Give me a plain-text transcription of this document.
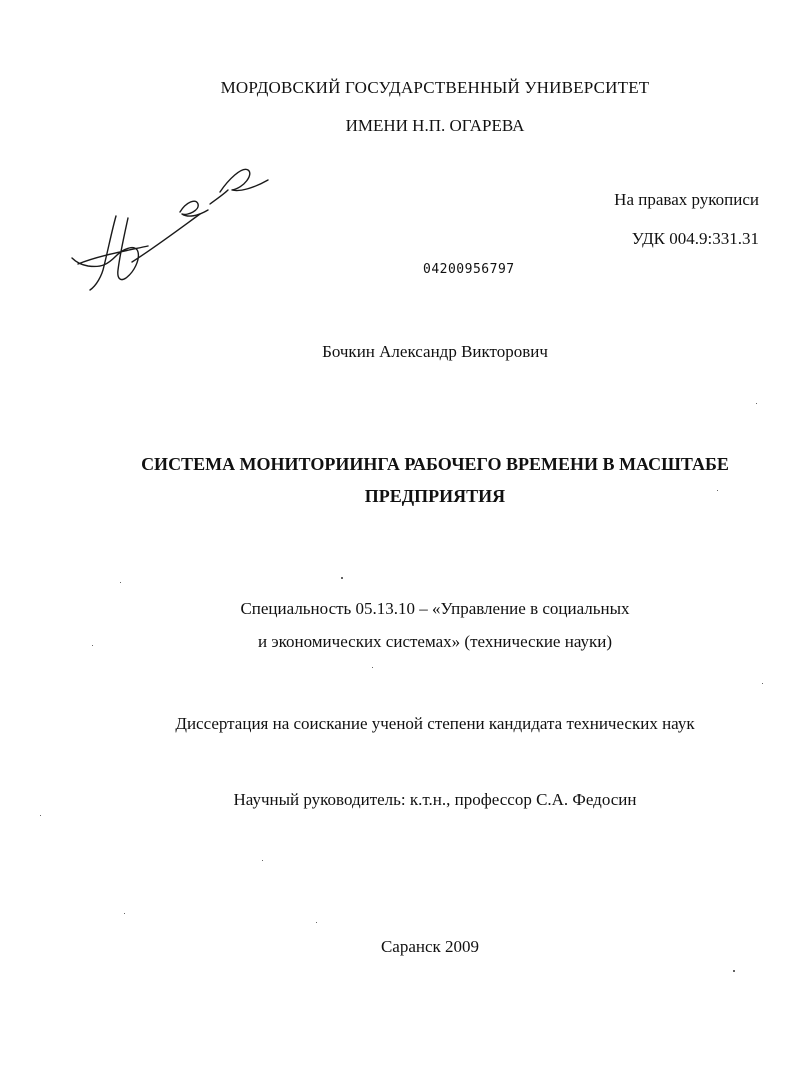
МОРДОВСКИЙ ГОСУДАРСТВЕННЫЙ УНИВЕРСИТЕТ
ИМЕНИ Н.П. ОГАРЕВА
На правах рукописи
УДК 004.9:331.31
04200956797
Бочкин Александр Викторович
СИСТЕМА МОНИТОРИИНГА РАБОЧЕГО ВРЕМЕНИ В МАСШТАБЕ
ПРЕДПРИЯТИЯ
Специальность 05.13.10 – «Управление в социальных
и экономических системах» (технические науки)
Диссертация на соискание ученой степени кандидата технических наук
Научный руководитель: к.т.н., профессор С.А. Федосин
Саранск 2009
